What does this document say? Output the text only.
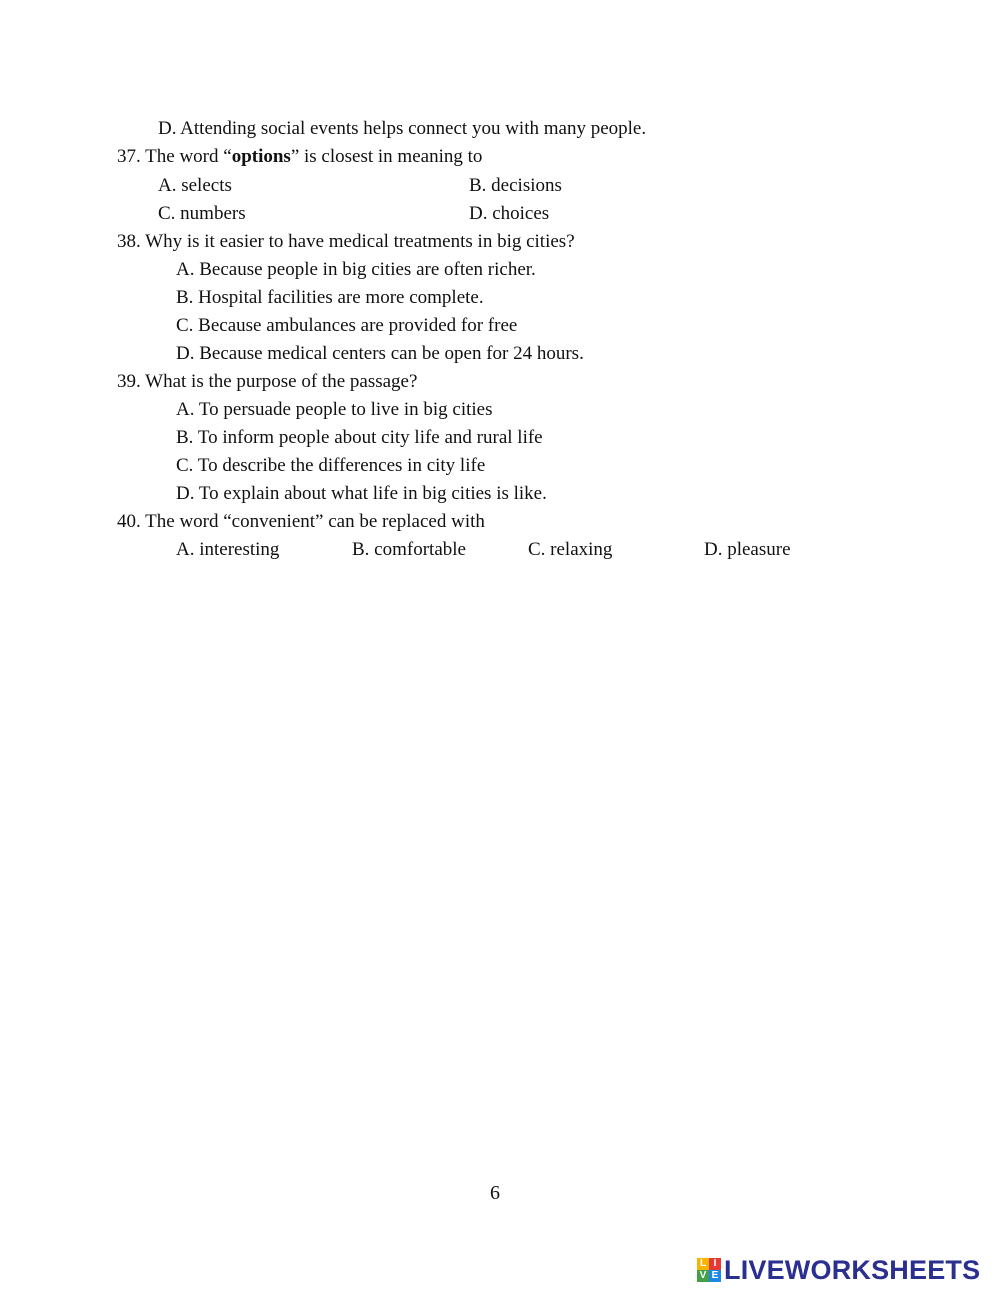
D. Attending social events helps connect you with many people.
37. The word “options” is closest in meaning to
A. selects	B. decisions
C. numbers	D. choices
38. Why is it easier to have medical treatments in big cities?
A. Because people in big cities are often richer.
B. Hospital facilities are more complete.
C. Because ambulances are provided for free
D. Because medical centers can be open for 24 hours.
39. What is the purpose of the passage?
A. To persuade people to live in big cities
B. To inform people about city life and rural life
C. To describe the differences in city life
D. To explain about what life in big cities is like.
40. The word “convenient” can be replaced with
A. interesting	B. comfortable	C. relaxing	D. pleasure
6
L I
V E LIVEWORKSHEETS
